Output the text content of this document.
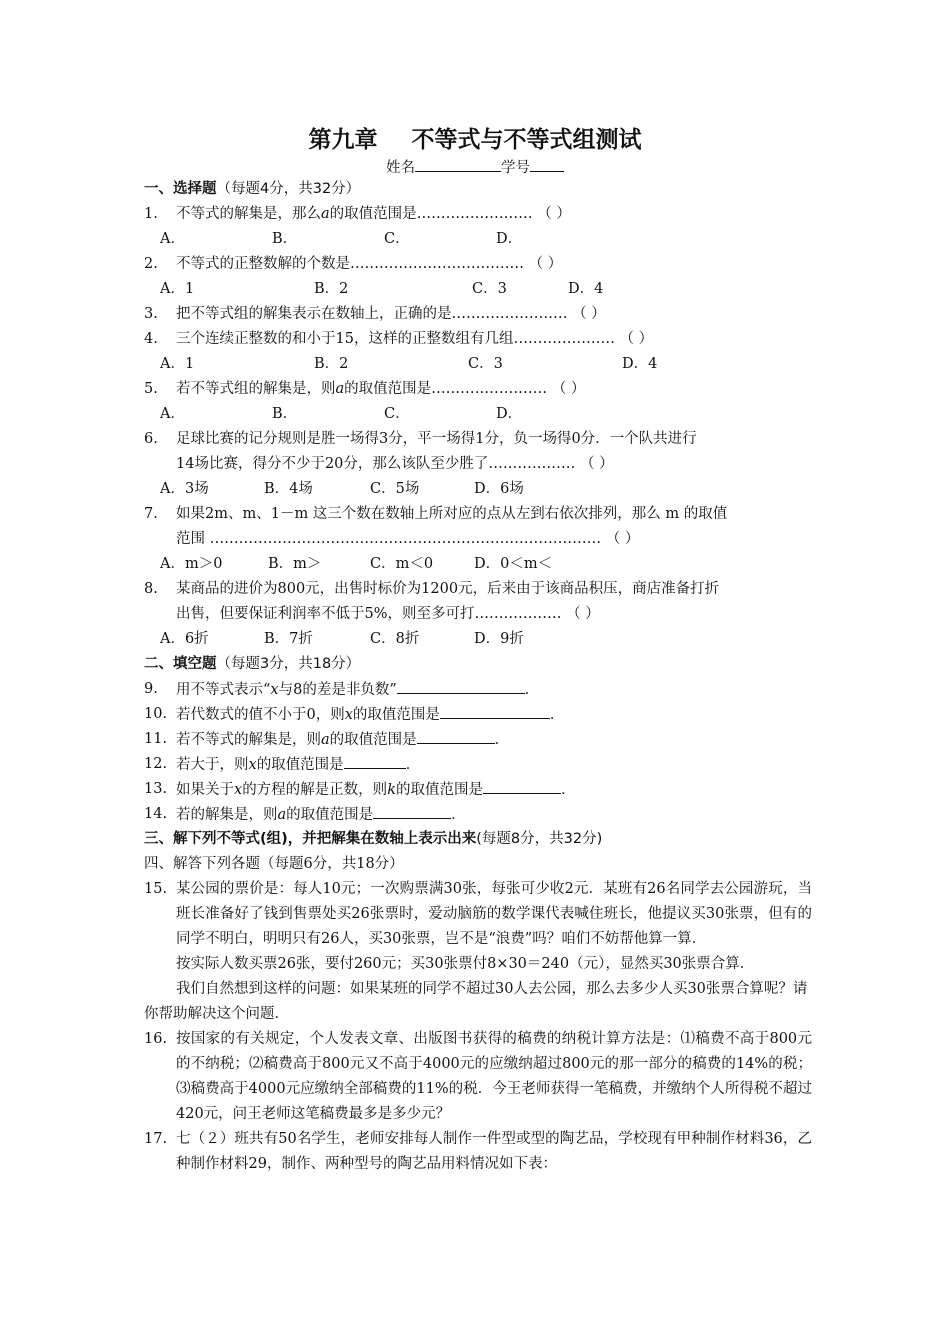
第九章 不等式与不等式组测试
姓名	学号
一、选择题（每题4分，共32分）
1. 不等式的解集是，那么a的取值范围是…………………… （ ）
A．	B．	C．	D．
2. 不等式的正整数解的个数是……………………………… （ ）
A．1	B．2	C．3	D．4
3. 把不等式组的解集表示在数轴上，正确的是…………………… （ ）
4. 三个连续正整数的和小于15，这样的正整数组有几组………………… （ ）
A．1	B．2	C．3	D．4
5. 若不等式组的解集是，则a的取值范围是…………………… （ ）
A．	B．	C．	D．
6. 足球比赛的记分规则是胜一场得3分，平一场得1分，负一场得0分．一个队共进行
14场比赛，得分不少于20分，那么该队至少胜了……………… （ ）
A．3场	B．4场	C．5场	D．6场
7. 如果2m、m、1－m 这三个数在数轴上所对应的点从左到右依次排列，那么 m 的取值
范围 ……………………………………………………………………… （ ）
A．m＞0	B．m＞	C．m＜0	D．0＜m＜
8. 某商品的进价为800元，出售时标价为1200元，后来由于该商品积压，商店准备打折
出售，但要保证利润率不低于5%，则至多可打……………… （ ）
A．6折	B．7折	C．8折	D．9折
二、填空题（每题3分，共18分）
9. 用不等式表示“x与8的差是非负数”	．
10. 若代数式的值不小于0，则x的取值范围是	．
11. 若不等式的解集是，则a的取值范围是	．
12. 若大于，则x的取值范围是	．
13. 如果关于x的方程的解是正数，则k的取值范围是	．
14. 若的解集是，则a的取值范围是	．
三、解下列不等式(组)，并把解集在数轴上表示出来(每题8分，共32分)
四、解答下列各题（每题6分，共18分）
15. 某公园的票价是：每人10元；一次购票满30张，每张可少收2元．某班有26名同学去公园游玩，当班长准备好了钱到售票处买26张票时，爱动脑筋的数学课代表喊住班长，他提议买30张票，但有的同学不明白，明明只有26人，买30张票，岂不是“浪费”吗？咱们不妨帮他算一算．
按实际人数买票26张，要付260元；买30张票付8×30＝240（元），显然买30张票合算．
我们自然想到这样的问题：如果某班的同学不超过30人去公园，那么去多少人买30张票合算呢？请你帮助解决这个问题．
16. 按国家的有关规定，个人发表文章、出版图书获得的稿费的纳税计算方法是：⑴稿费不高于800元的不纳税；⑵稿费高于800元又不高于4000元的应缴纳超过800元的那一部分的稿费的14%的税；⑶稿费高于4000元应缴纳全部稿费的11%的税．今王老师获得一笔稿费，并缴纳个人所得税不超过420元，问王老师这笔稿费最多是多少元？
17. 七（２）班共有50名学生，老师安排每人制作一件型或型的陶艺品，学校现有甲种制作材料36，乙种制作材料29，制作、两种型号的陶艺品用料情况如下表：
